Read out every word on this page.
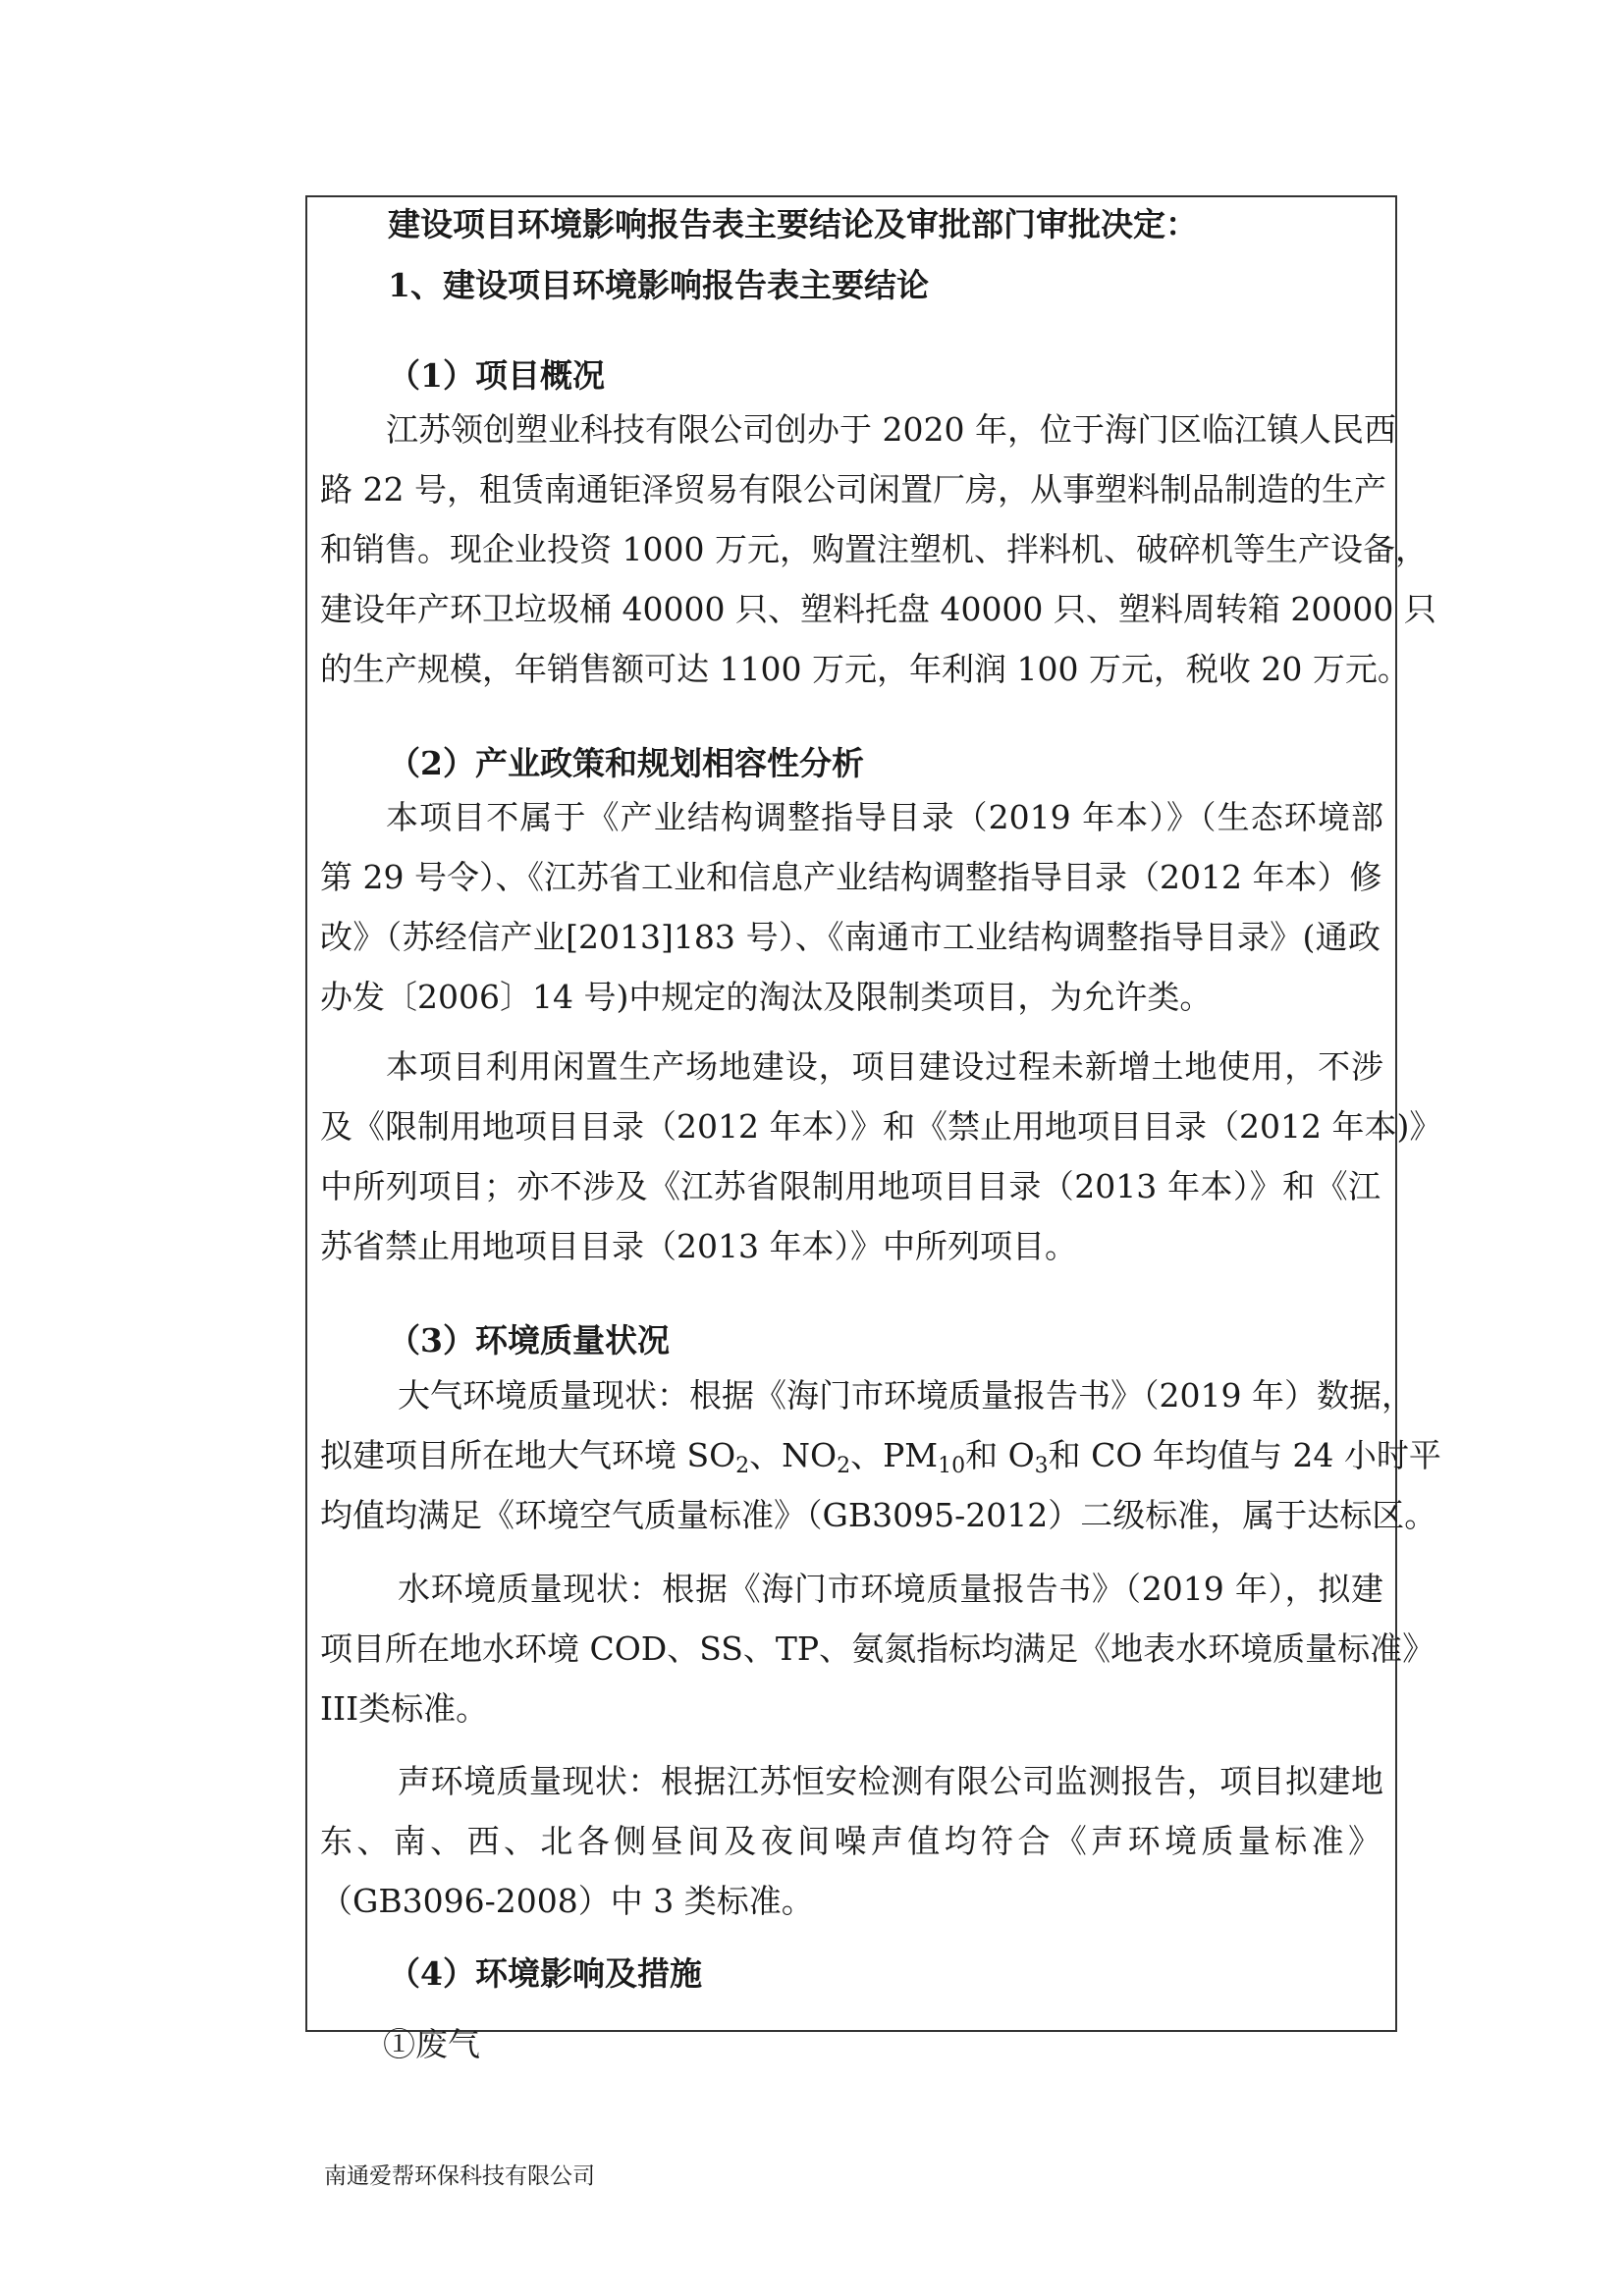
建设项目环境影响报告表主要结论及审批部门审批决定：
1、建设项目环境影响报告表主要结论
（1）项目概况
江苏领创塑业科技有限公司创办于 2020 年，位于海门区临江镇人民西
路 22 号，租赁南通钜泽贸易有限公司闲置厂房，从事塑料制品制造的生产
和销售。现企业投资 1000 万元，购置注塑机、拌料机、破碎机等生产设备，
建设年产环卫垃圾桶 40000 只、塑料托盘 40000 只、塑料周转箱 20000 只
的生产规模，年销售额可达 1100 万元，年利润 100 万元，税收 20 万元。
（2）产业政策和规划相容性分析
本项目不属于《产业结构调整指导目录（2019 年本）》（生态环境部
第 29 号令）、《江苏省工业和信息产业结构调整指导目录（2012 年本）修
改》（苏经信产业[2013]183 号）、《南通市工业结构调整指导目录》(通政
办发〔2006〕14 号)中规定的淘汰及限制类项目，为允许类。
本项目利用闲置生产场地建设，项目建设过程未新增土地使用，不涉
及《限制用地项目目录（2012 年本）》和《禁止用地项目目录（2012 年本)》
中所列项目；亦不涉及《江苏省限制用地项目目录（2013 年本）》和《江
苏省禁止用地项目目录（2013 年本）》中所列项目。
（3）环境质量状况
大气环境质量现状：根据《海门市环境质量报告书》（2019 年）数据，
拟建项目所在地大气环境 $SO_2$、$NO_2$、$PM_{10}$和 $O_3$和 CO 年均值与 24 小时平
均值均满足《环境空气质量标准》（GB3095-2012）二级标准，属于达标区。
水环境质量现状：根据《海门市环境质量报告书》（2019 年），拟建
项目所在地水环境 COD、SS、TP、氨氮指标均满足《地表水环境质量标准》
III类标准。
声环境质量现状：根据江苏恒安检测有限公司监测报告，项目拟建地
东、南、西、北各侧昼间及夜间噪声值均符合《声环境质量标准》
（GB3096-2008）中 3 类标准。
（4）环境影响及措施
①废气
南通爱帮环保科技有限公司
